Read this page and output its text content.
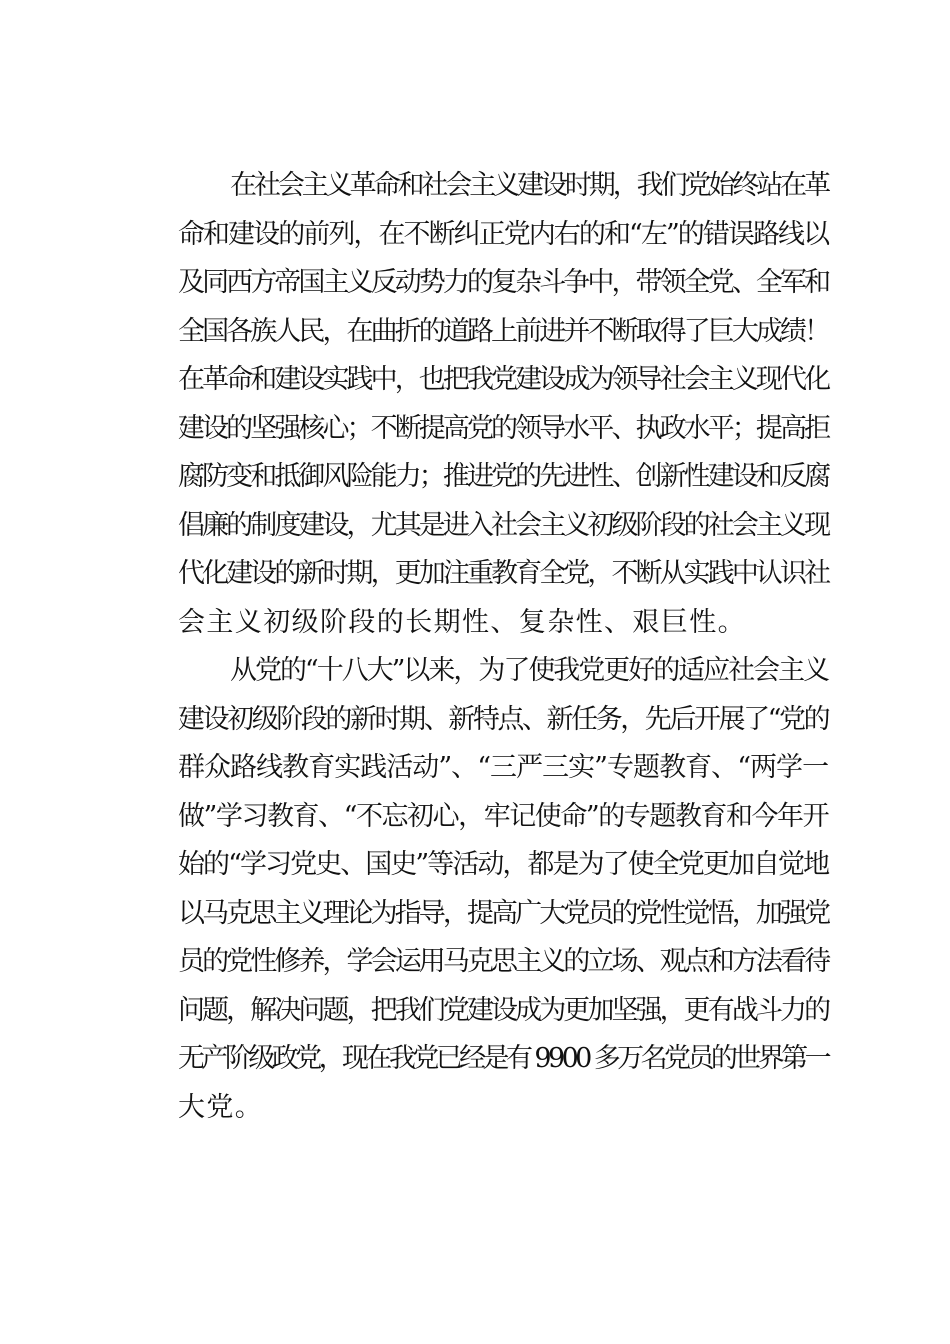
在社会主义革命和社会主义建设时期，我们党始终站在革
命和建设的前列，在不断纠正党内右的和“左”的错误路线以
及同西方帝国主义反动势力的复杂斗争中，带领全党、全军和
全国各族人民，在曲折的道路上前进并不断取得了巨大成绩！
在革命和建设实践中，也把我党建设成为领导社会主义现代化
建设的坚强核心；不断提高党的领导水平、执政水平；提高拒
腐防变和抵御风险能力；推进党的先进性、创新性建设和反腐
倡廉的制度建设，尤其是进入社会主义初级阶段的社会主义现
代化建设的新时期，更加注重教育全党，不断从实践中认识社
会主义初级阶段的长期性、复杂性、艰巨性。
从党的“十八大”以来，为了使我党更好的适应社会主义
建设初级阶段的新时期、新特点、新任务，先后开展了“党的
群众路线教育实践活动”、“三严三实”专题教育、“两学一
做”学习教育、“不忘初心，牢记使命”的专题教育和今年开
始的“学习党史、国史”等活动，都是为了使全党更加自觉地
以马克思主义理论为指导，提高广大党员的党性觉悟，加强党
员的党性修养，学会运用马克思主义的立场、观点和方法看待
问题，解决问题，把我们党建设成为更加坚强，更有战斗力的
无产阶级政党，现在我党已经是有 9900 多万名党员的世界第一
大党。
